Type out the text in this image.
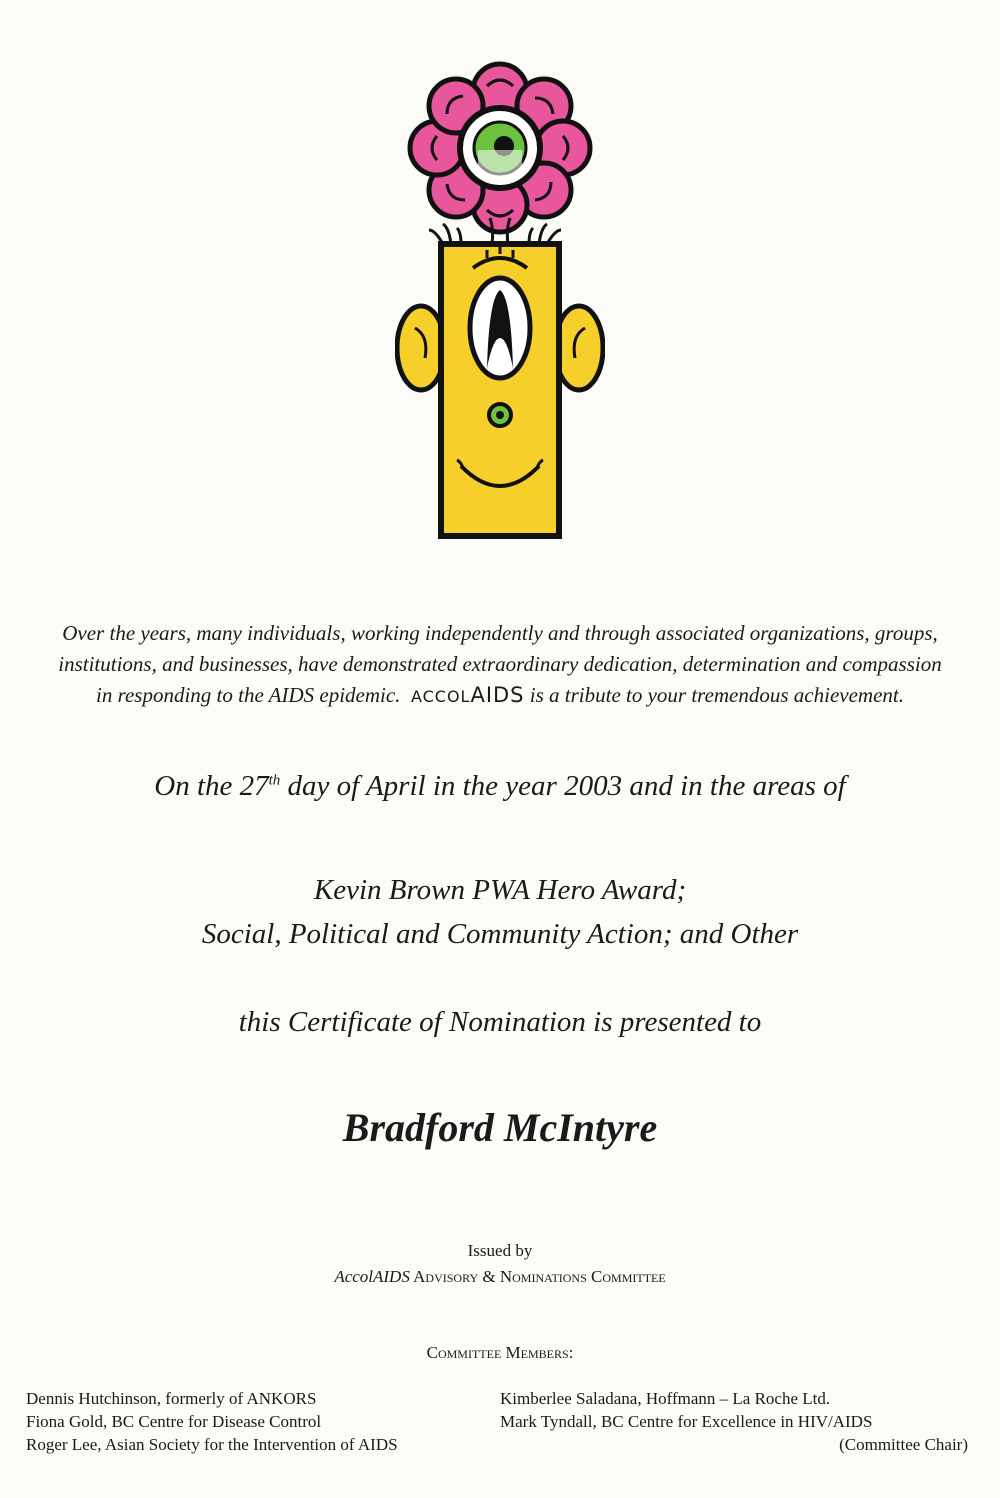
Over the years, many individuals, working independently and through associated organizations, groups,
institutions, and businesses, have demonstrated extraordinary dedication, determination and compassion
in responding to the AIDS epidemic. ACCOLAIDS is a tribute to your tremendous achievement.
On the 27th day of April in the year 2003 and in the areas of
Kevin Brown PWA Hero Award;
Social, Political and Community Action; and Other
this Certificate of Nomination is presented to
Bradford McIntyre
Issued by
AccolAIDS Advisory & Nominations Committee
Committee Members:
Dennis Hutchinson, formerly of ANKORS
Fiona Gold, BC Centre for Disease Control
Roger Lee, Asian Society for the Intervention of AIDS
Kimberlee Saladana, Hoffmann – La Roche Ltd.
Mark Tyndall, BC Centre for Excellence in HIV/AIDS
(Committee Chair)
